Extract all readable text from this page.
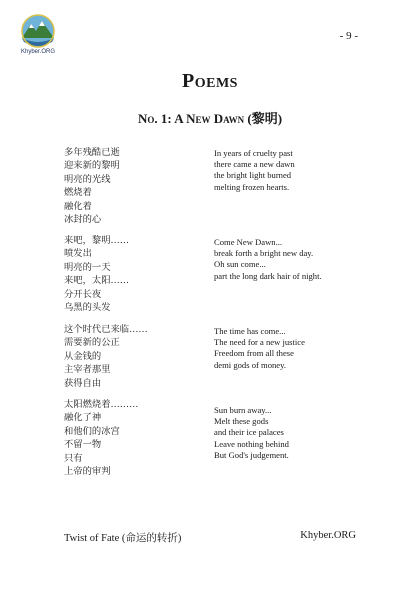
Khyber.ORG
- 9 -
Poems
No. 1: A New Dawn (黎明)
多年残酷已逝
迎来新的黎明
明亮的光线
燃烧着
融化着
冰封的心
In years of cruelty past
there came a new dawn
the bright light burned
melting frozen hearts.
来吧，黎明……
喷发出
明亮的一天
来吧，太阳……
分开长夜
乌黑的头发
Come New Dawn...
break forth a bright new day.
Oh sun come...
part the long dark hair of night.
这个时代已来临……
需要新的公正
从金钱的
主宰者那里
获得自由
The time has come...
The need for a new justice
Freedom from all these
demi gods of money.
太阳燃烧着………
融化了神
和他们的冰宫
不留一物
只有
上帝的审判
Sun burn away...
Melt these gods
and their ice palaces
Leave nothing behind
But God's judgement.
Twist of Fate (命运的转折)	Khyber.ORG
